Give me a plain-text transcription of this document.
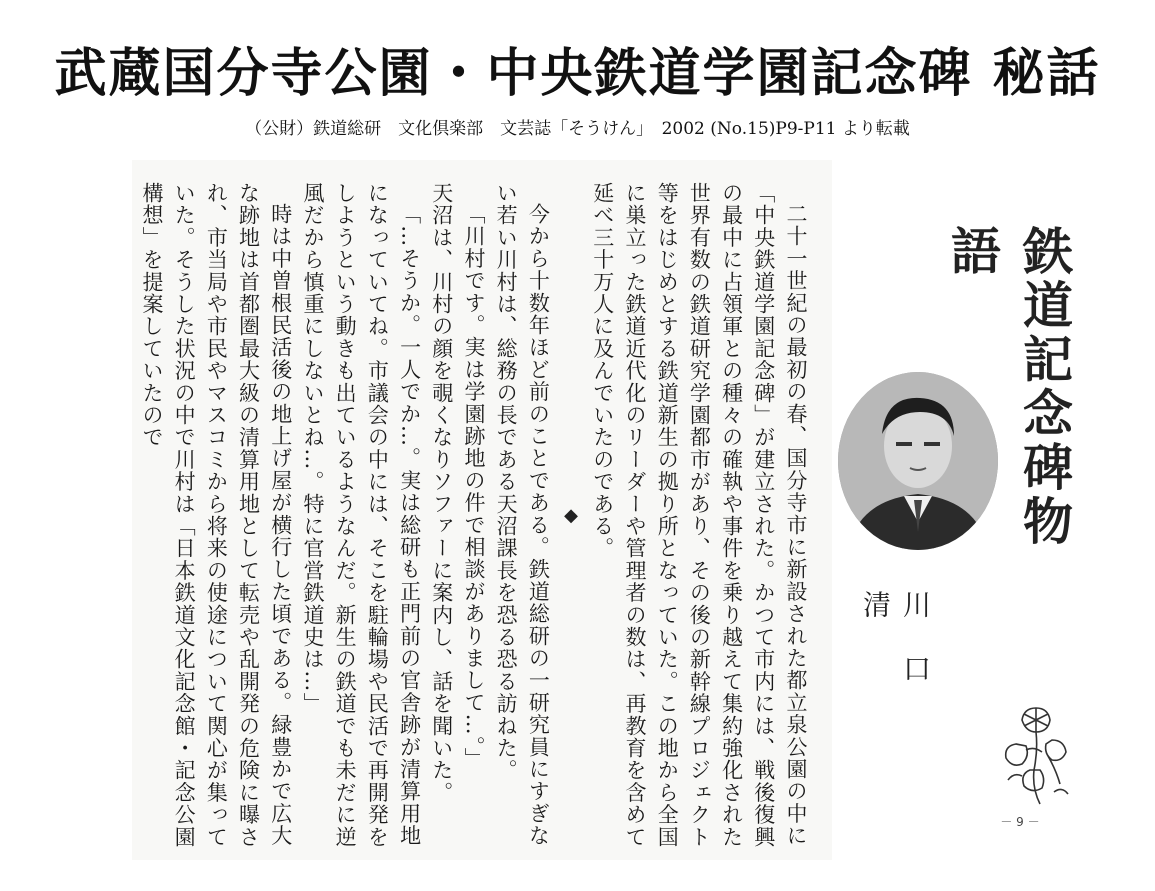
武蔵国分寺公園・中央鉄道学園記念碑 秘話
（公財）鉄道総研　文化倶楽部　文芸誌「そうけん」　2002 (No.15)P9-P11 より転載

二十一世紀の最初の春、国分寺市に新設された都立泉公園の中に「中央鉄道学園記念碑」が建立された。かつて市内には、戦後復興の最中に占領軍との種々の確執や事件を乗り越えて集約強化された世界有数の鉄道研究学園都市があり、その後の新幹線プロジェクト等をはじめとする鉄道新生の拠り所となっていた。この地から全国に巣立った鉄道近代化のリーダーや管理者の数は、再教育を含めて延べ三十万人に及んでいたのである。

◆

今から十数年ほど前のことである。鉄道総研の一研究員にすぎない若い川村は、総務の長である天沼課長を恐る恐る訪ねた。

「川村です。実は学園跡地の件で相談がありまして…。」

天沼は、川村の顔を覗くなりソファーに案内し、話を聞いた。

「…そうか。一人でか…。実は総研も正門前の官舎跡が清算用地になっていてね。市議会の中には、そこを駐輪場や民活で再開発をしようという動きも出ているようなんだ。新生の鉄道でも未だに逆風だから慎重にしないとね…。特に官営鉄道史は…」

時は中曽根民活後の地上げ屋が横行した頃である。緑豊かで広大な跡地は首都圏最大級の清算用地として転売や乱開発の危険に曝され、市当局や市民やマスコミから将来の使途について関心が集っていた。そうした状況の中で川村は「日本鉄道文化記念館・記念公園構想」を提案していたので	鉄道記念碑物語
川口　清
－ 9 －
